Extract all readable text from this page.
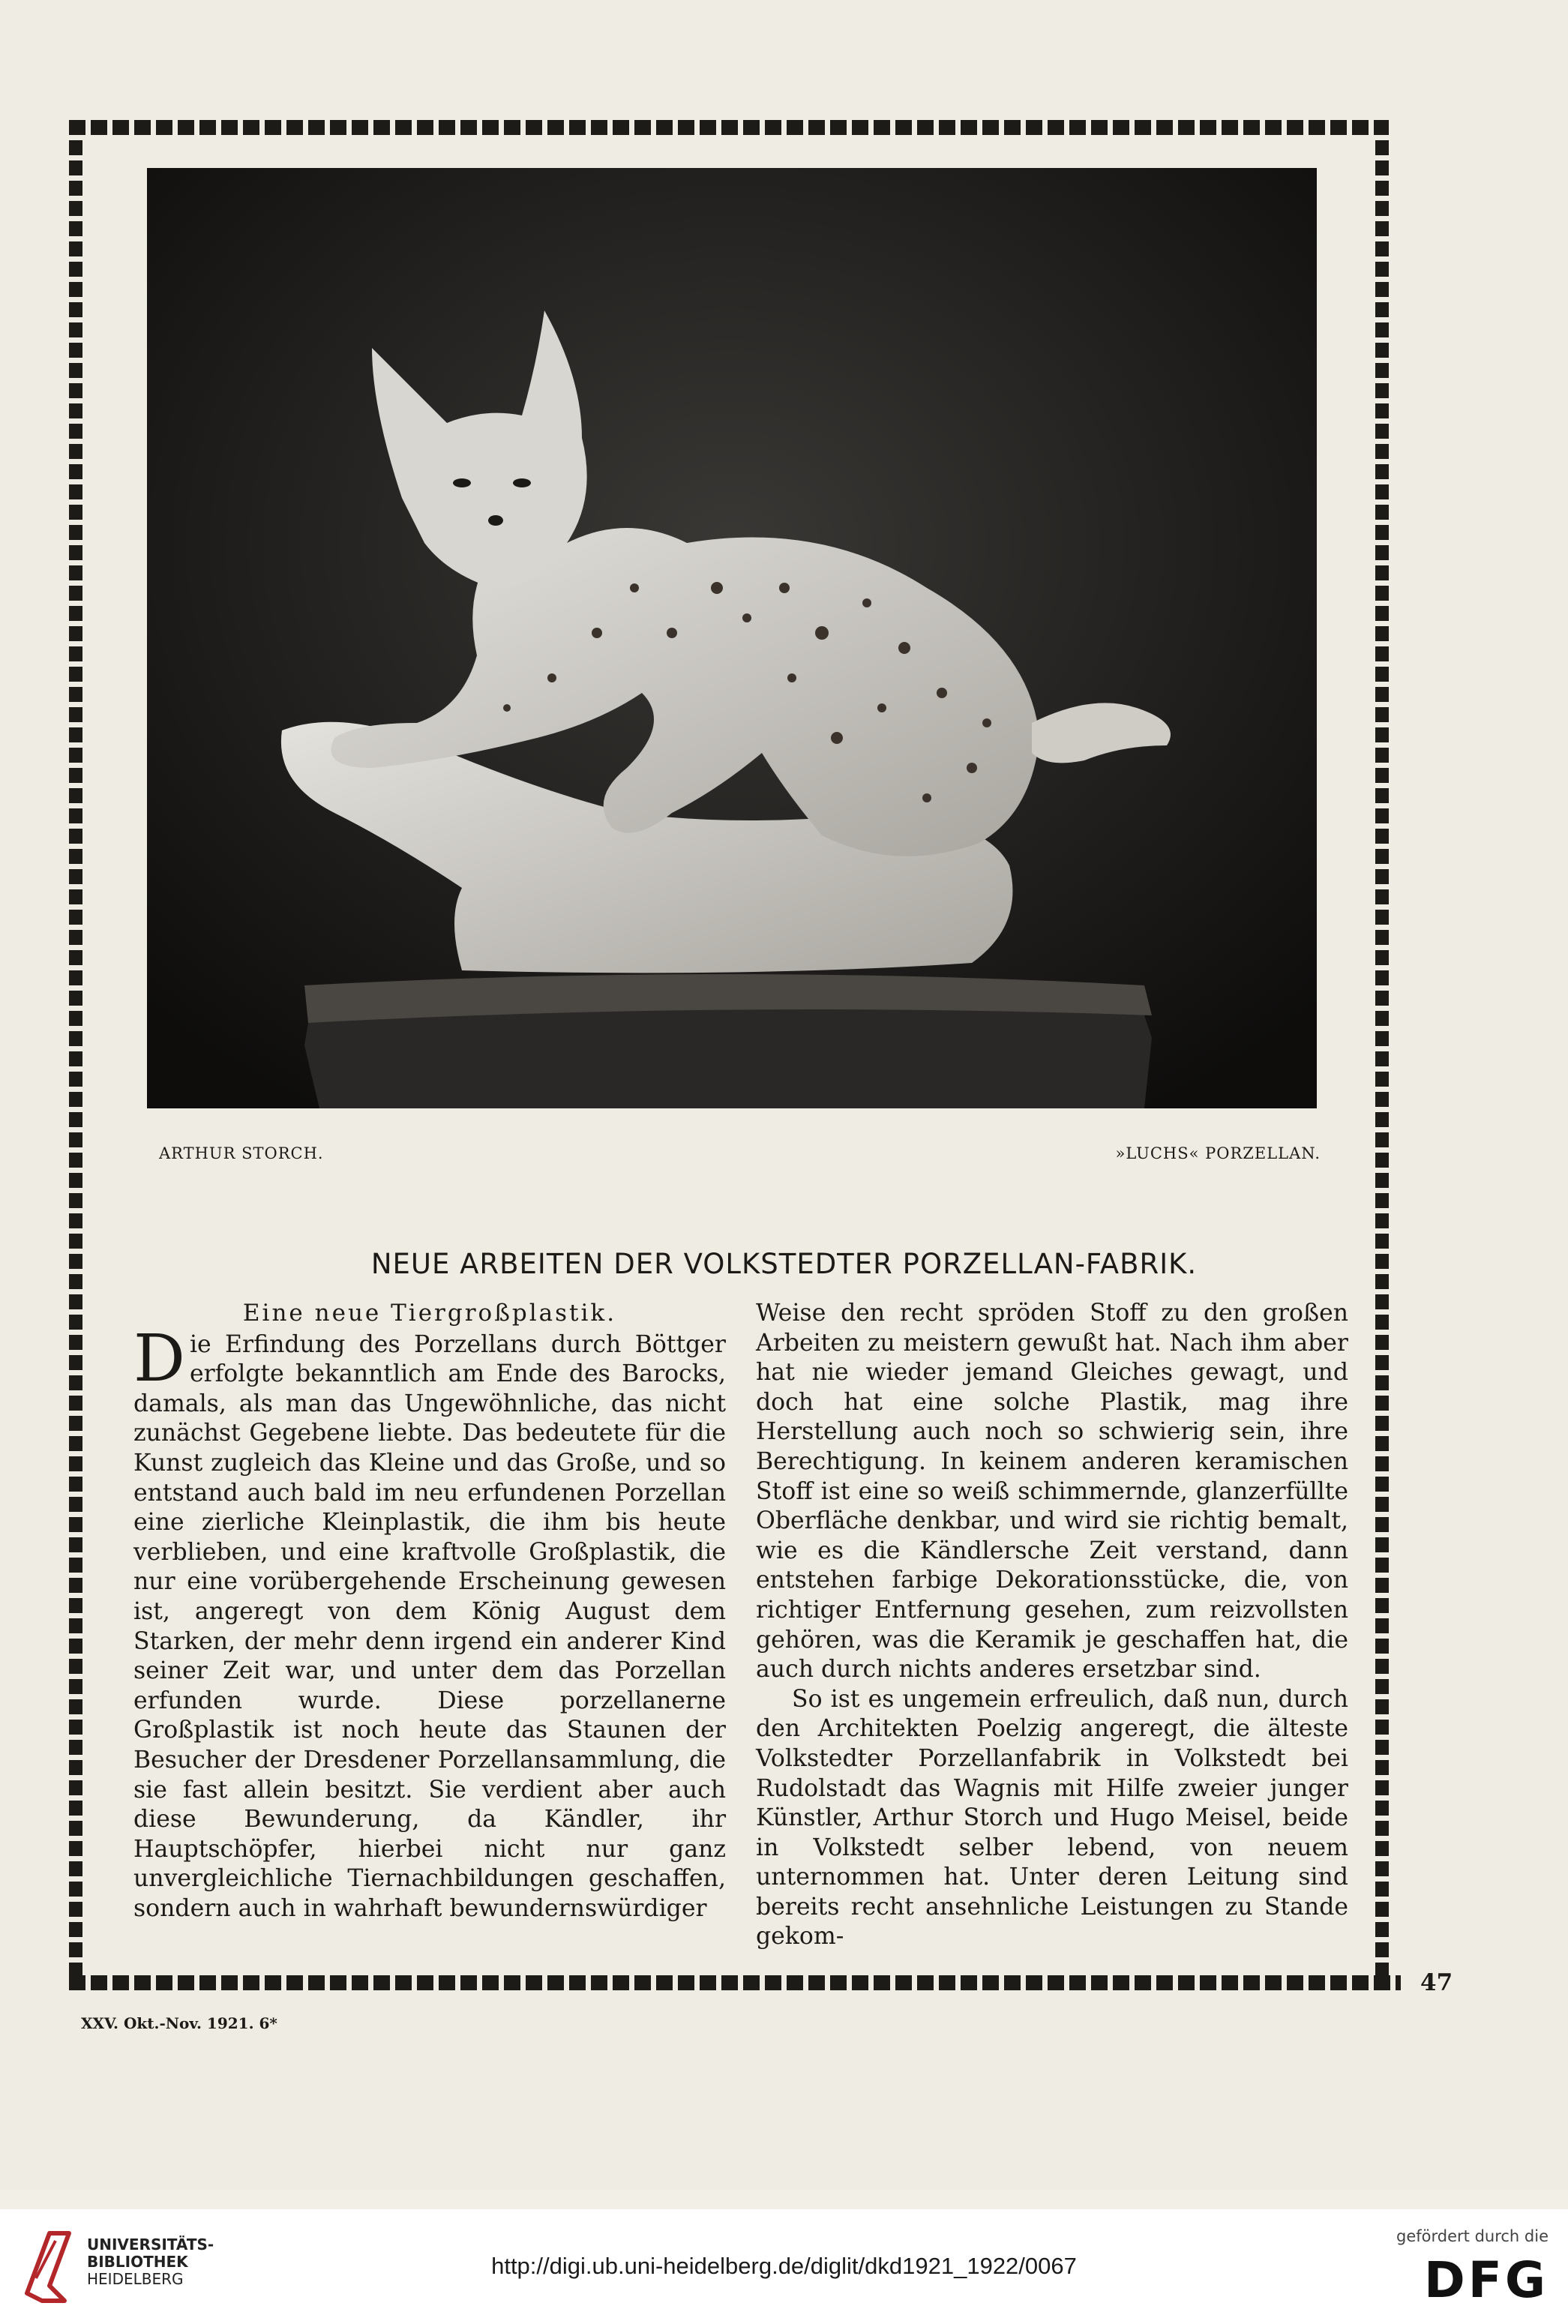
ARTHUR STORCH.	»LUCHS« PORZELLAN.
NEUE ARBEITEN DER VOLKSTEDTER PORZELLAN-FABRIK.
Eine neue Tiergroßplastik.

Die Erfindung des Porzellans durch Böttger erfolgte bekanntlich am Ende des Barocks, damals, als man das Ungewöhnliche, das nicht zunächst Gegebene liebte. Das bedeutete für die Kunst zugleich das Kleine und das Große, und so entstand auch bald im neu erfundenen Porzellan eine zierliche Kleinplastik, die ihm bis heute verblieben, und eine kraftvolle Großplastik, die nur eine vorübergehende Erscheinung gewesen ist, angeregt von dem König August dem Starken, der mehr denn irgend ein anderer Kind seiner Zeit war, und unter dem das Porzellan erfunden wurde. Diese porzellanerne Großplastik ist noch heute das Staunen der Besucher der Dresdener Porzellansammlung, die sie fast allein besitzt. Sie verdient aber auch diese Bewunderung, da Kändler, ihr Hauptschöpfer, hierbei nicht nur ganz unvergleichliche Tiernachbildungen geschaffen, sondern auch in wahrhaft bewundernswürdiger

Weise den recht spröden Stoff zu den großen Arbeiten zu meistern gewußt hat. Nach ihm aber hat nie wieder jemand Gleiches gewagt, und doch hat eine solche Plastik, mag ihre Herstellung auch noch so schwierig sein, ihre Berechtigung. In keinem anderen keramischen Stoff ist eine so weiß schimmernde, glanzerfüllte Oberfläche denkbar, und wird sie richtig bemalt, wie es die Kändlersche Zeit verstand, dann entstehen farbige Dekorationsstücke, die, von richtiger Entfernung gesehen, zum reizvollsten gehören, was die Keramik je geschaffen hat, die auch durch nichts anderes ersetzbar sind.

So ist es ungemein erfreulich, daß nun, durch den Architekten Poelzig angeregt, die älteste Volkstedter Porzellanfabrik in Volkstedt bei Rudolstadt das Wagnis mit Hilfe zweier junger Künstler, Arthur Storch und Hugo Meisel, beide in Volkstedt selber lebend, von neuem unternommen hat. Unter deren Leitung sind bereits recht ansehnliche Leistungen zu Stande gekom-

47
XXV. Okt.-Nov. 1921. 6*
UNIVERSITÄTS-
BIBLIOTHEK
HEIDELBERG	http://digi.ub.uni-heidelberg.de/diglit/dkd1921_1922/0067
gefördert durch die
DFG
